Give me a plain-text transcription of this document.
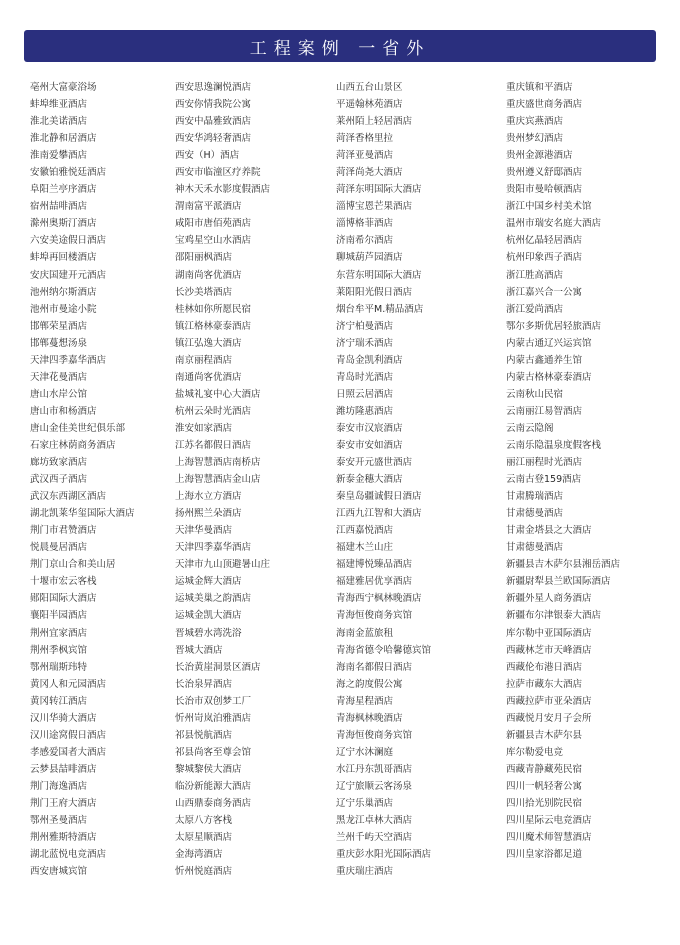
工程案例 一省外
亳州大富豪浴场
蚌埠维亚酒店
淮北美诺酒店
淮北静和居酒店
淮南爱攀酒店
安徽铂雅悦廷酒店
阜阳兰亭序酒店
宿州喆啡酒店
滁州奥斯汀酒店
六安美途假日酒店
蚌埠再回楼酒店
安庆国建开元酒店
池州纳尔斯酒店
池州市曼途小院
邯郸荣星酒店
邯郸蔓想汤泉
天津四季嘉华酒店
天津花曼酒店
唐山水岸公馆
唐山市和杨酒店
唐山金佳美世纪俱乐部
石家庄林荫商务酒店
廊坊致家酒店
武汉西子酒店
武汉东西湖区酒店
湖北凯莱华玺国际大酒店
荆门市君赞酒店
悦晨曼居酒店
荆门京山合和美山居
十堰市宏云客栈
郧阳国际大酒店
襄阳半园酒店
荆州宜家酒店
荆州季枫宾馆
鄂州瑞斯玮特
黄冈人和元园酒店
黄冈转江酒店
汉川华骑大酒店
汉川途窝假日酒店
孝感爱国者大酒店
云梦县喆啡酒店
荆门海逸酒店
荆门王府大酒店
鄂州圣曼酒店
荆州雅斯特酒店
湖北蓝悦电竞酒店
西安唐城宾馆
西安思逸澜悦酒店
西安你情我院公寓
西安中晶雅致酒店
西安华鸿轻奢酒店
西安（H）酒店
西安市临潼区疗养院
神木天禾水影度假酒店
渭南富平派酒店
咸阳市唐佰苑酒店
宝鸡星空山水酒店
邵阳丽枫酒店
湖南尚客优酒店
长沙美塔酒店
桂林如你所愿民宿
镇江格林豪泰酒店
镇江弘逸大酒店
南京丽程酒店
南通尚客优酒店
盐城礼宴中心大酒店
杭州云朵时光酒店
淮安如家酒店
江苏名都假日酒店
上海智慧酒店南桥店
上海智慧酒店金山店
上海水立方酒店
扬州熙兰朵酒店
天津华曼酒店
天津四季嘉华酒店
天津市九山顶避暑山庄
运城金辉大酒店
运城美巢之韵酒店
运城金凯大酒店
晋城碧水湾洗浴
晋城大酒店
长治黄崖洞景区酒店
长治泉昇酒店
长治市双创梦工厂
忻州岢岚泊雅酒店
祁县悦航酒店
祁县尚客至尊会馆
黎城黎侯大酒店
临汾新能源大酒店
山西鼎泰商务酒店
太原八方客栈
太原星顺酒店
金海湾酒店
忻州悦庭酒店
山西五台山景区
平遥翰林苑酒店
莱州陌上轻居酒店
菏泽香格里拉
菏泽亚曼酒店
菏泽尚尧大酒店
菏泽东明国际大酒店
淄博宝恩芒果酒店
淄博格菲酒店
济南希尔酒店
聊城葫芦园酒店
东营东明国际大酒店
莱阳阳光假日酒店
烟台牟平M.精品酒店
济宁柏曼酒店
济宁瑞禾酒店
青岛金凯利酒店
青岛时光酒店
日照云居酒店
潍坊隆惠酒店
泰安市汉宸酒店
泰安市安如酒店
泰安开元盛世酒店
新泰金穗大酒店
秦皇岛疆诚假日酒店
江西九江智和大酒店
江西嘉悦酒店
福建木兰山庄
福建博悦臻品酒店
福建雅居优享酒店
青海西宁枫林晚酒店
青海恒俊商务宾馆
海南金蓝旅租
青海省德令哈馨德宾馆
海南名都假日酒店
海之韵度假公寓
青海星程酒店
青海枫林晚酒店
青海恒俊商务宾馆
辽宁水沐澜庭
水江丹东凯哥酒店
辽宁旅顺云客汤泉
辽宁乐巢酒店
黑龙江卓林大酒店
兰州千屿天空酒店
重庆彭水阳光国际酒店
重庆瑞庄酒店
重庆镇和平酒店
重庆盛世商务酒店
重庆宾燕酒店
贵州梦幻酒店
贵州金源港酒店
贵州遵义舒邸酒店
贵阳市曼哈顿酒店
浙江中国乡村美术馆
温州市瑞安名庭大酒店
杭州亿晶轻居酒店
杭州印象西子酒店
浙江胜高酒店
浙江嘉兴合一公寓
浙江爱尚酒店
鄂尔多斯优居轻旅酒店
内蒙古通辽兴运宾馆
内蒙古鑫通养生馆
内蒙古格林豪泰酒店
云南秋山民宿
云南丽江易智酒店
云南云隐阁
云南乐隐温泉度假客栈
丽江丽程时光酒店
云南古登159酒店
甘肃腾瑞酒店
甘肃德曼酒店
甘肃金塔县之大酒店
甘肃德曼酒店
新疆县吉木萨尔县湘岳酒店
新疆尉犁县兰欧国际酒店
新疆外星人商务酒店
新疆布尔津银泰大酒店
库尔勒中亚国际酒店
西藏林芝市天峰酒店
西藏伦布港日酒店
拉萨市藏东大酒店
西藏拉萨市亚朵酒店
西藏悦月安月子会所
新疆县吉木萨尔县
库尔勒爱电竞
西藏青静藏苑民宿
四川一帆轻奢公寓
四川拾光别院民宿
四川星际云电竞酒店
四川魔术师智慧酒店
四川皇家浴都足道
